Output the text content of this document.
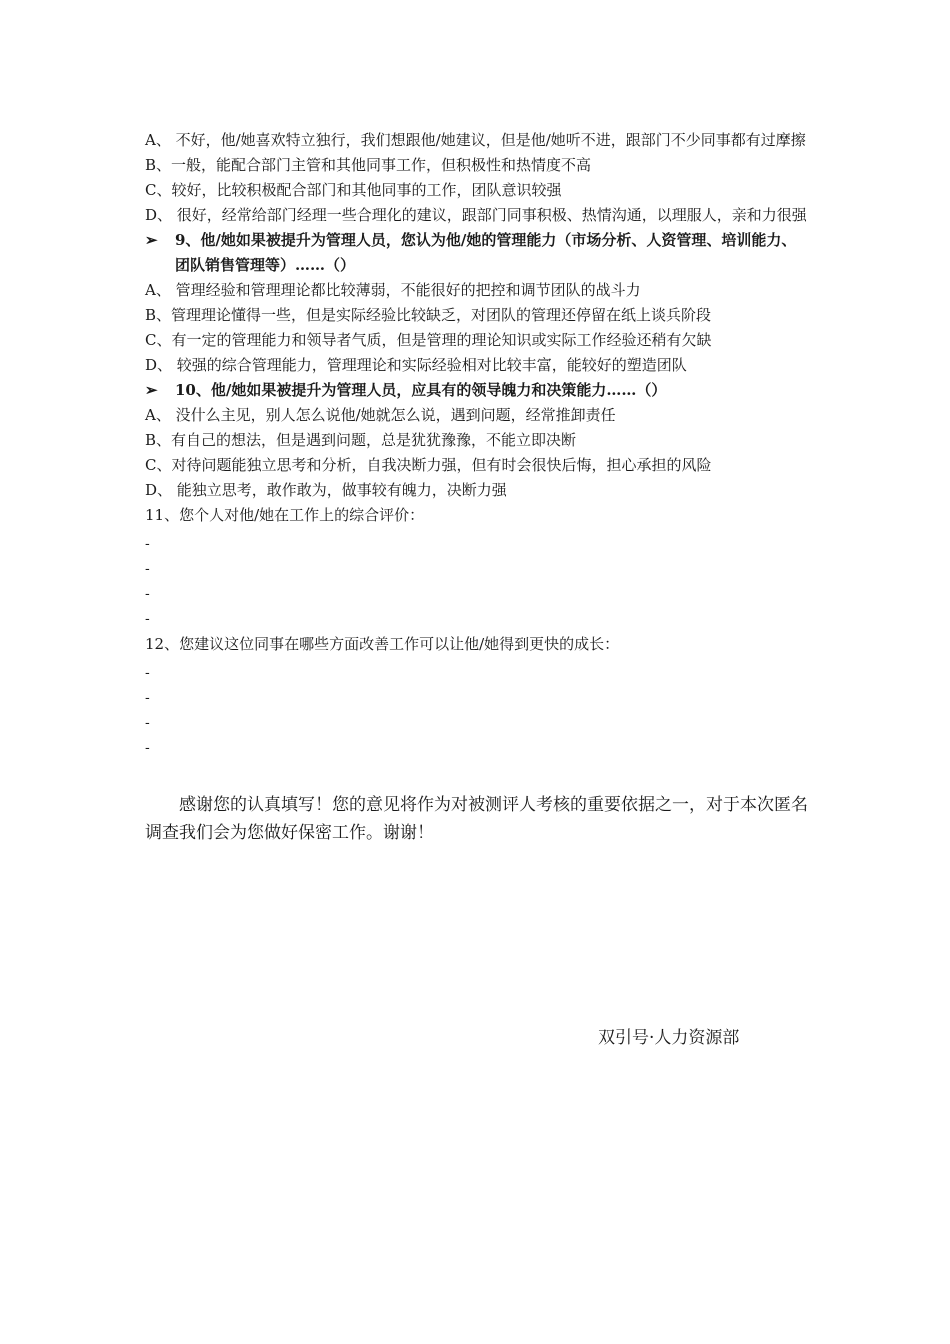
A、 不好，他/她喜欢特立独行，我们想跟他/她建议，但是他/她听不进，跟部门不少同事都有过摩擦
B、一般，能配合部门主管和其他同事工作，但积极性和热情度不高
C、较好，比较积极配合部门和其他同事的工作，团队意识较强
D、 很好，经常给部门经理一些合理化的建议，跟部门同事积极、热情沟通，以理服人，亲和力很强
➢ 9、他/她如果被提升为管理人员，您认为他/她的管理能力（市场分析、人资管理、培训能力、团队销售管理等）……（）
A、 管理经验和管理理论都比较薄弱，不能很好的把控和调节团队的战斗力
B、管理理论懂得一些，但是实际经验比较缺乏，对团队的管理还停留在纸上谈兵阶段
C、有一定的管理能力和领导者气质，但是管理的理论知识或实际工作经验还稍有欠缺
D、 较强的综合管理能力，管理理论和实际经验相对比较丰富，能较好的塑造团队
➢ 10、他/她如果被提升为管理人员，应具有的领导魄力和决策能力……（）
A、 没什么主见，别人怎么说他/她就怎么说，遇到问题，经常推卸责任
B、有自己的想法，但是遇到问题，总是犹犹豫豫，不能立即决断
C、对待问题能独立思考和分析，自我决断力强，但有时会很快后悔，担心承担的风险
D、 能独立思考，敢作敢为，做事较有魄力，决断力强
11、您个人对他/她在工作上的综合评价：
-
-
-
-
12、您建议这位同事在哪些方面改善工作可以让他/她得到更快的成长：
-
-
-
-
感谢您的认真填写！您的意见将作为对被测评人考核的重要依据之一，对于本次匿名调查我们会为您做好保密工作。谢谢！
双引号·人力资源部
